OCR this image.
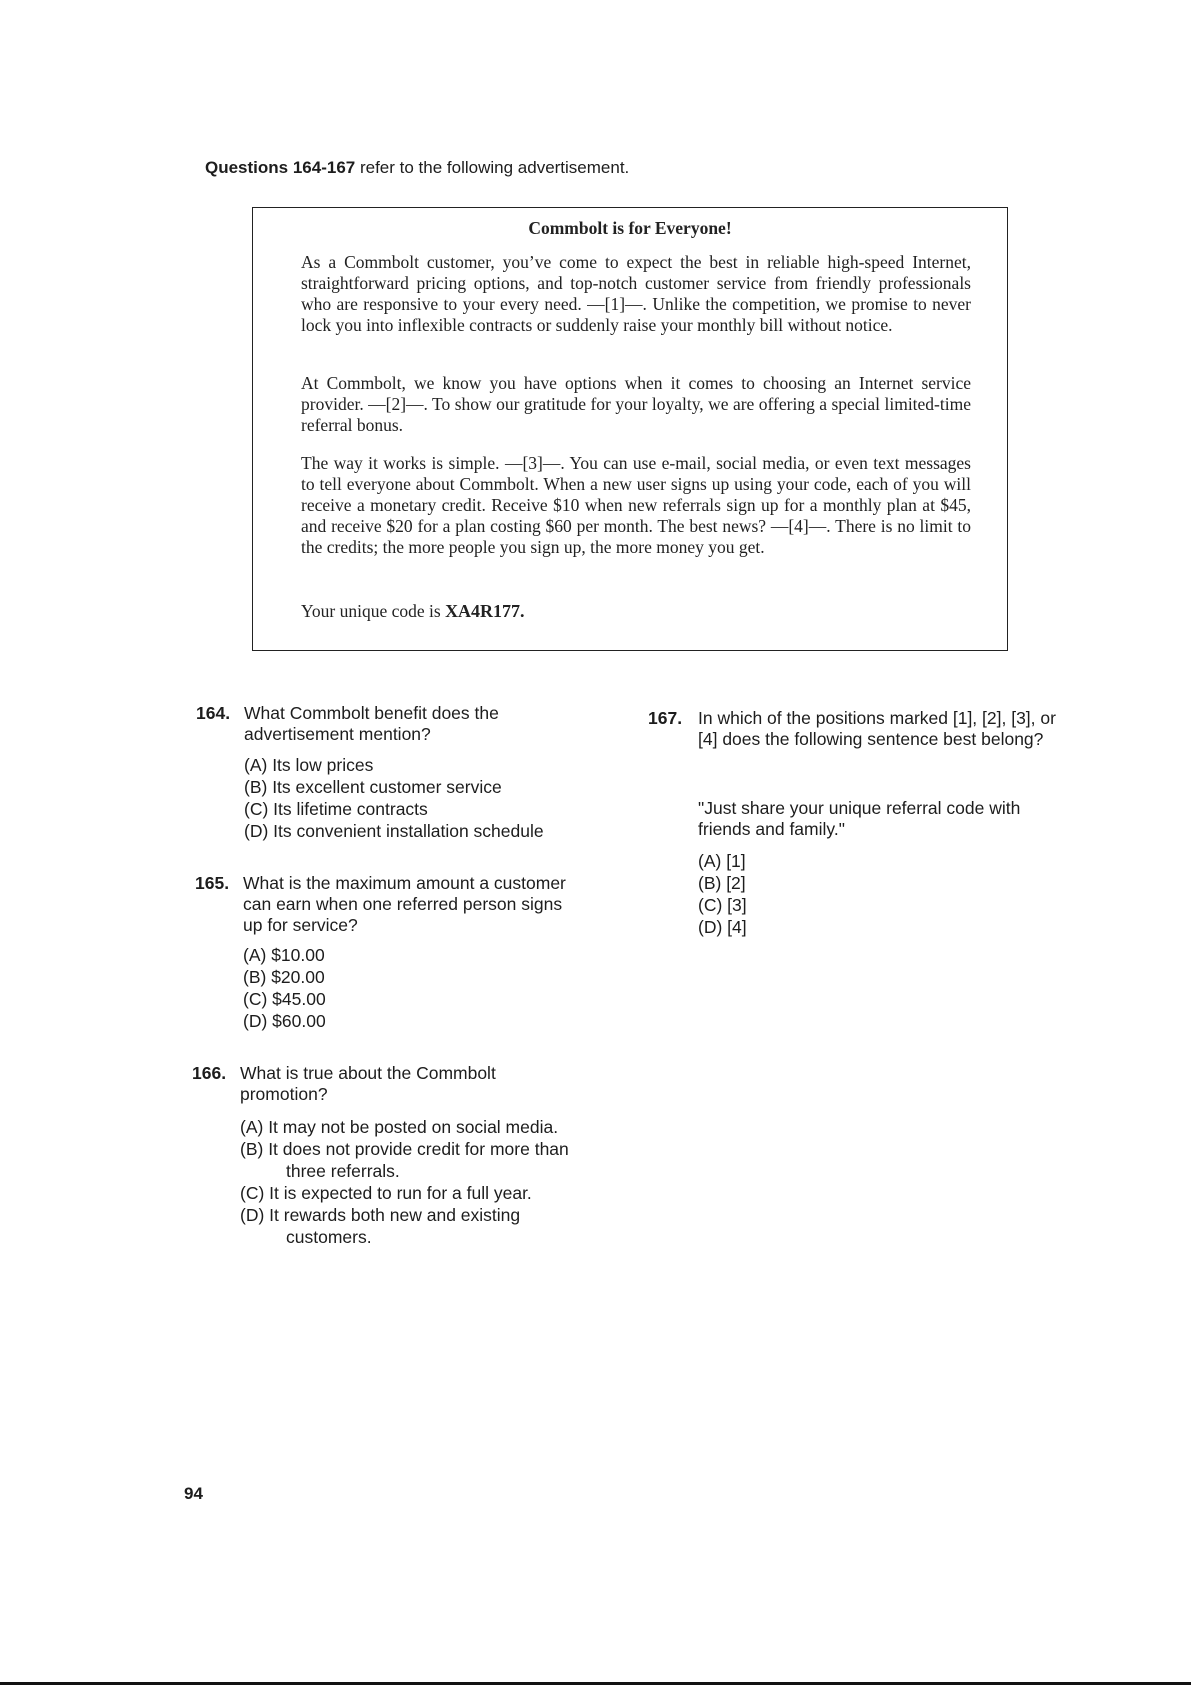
Questions 164-167 refer to the following advertisement.
Commbolt is for Everyone!

As a Commbolt customer, you’ve come to expect the best in reliable high-speed Internet, straightforward pricing options, and top-notch customer service from friendly professionals who are responsive to your every need. —[1]—. Unlike the competition, we promise to never lock you into inflexible contracts or suddenly raise your monthly bill without notice.

At Commbolt, we know you have options when it comes to choosing an Internet service provider. —[2]—. To show our gratitude for your loyalty, we are offering a special limited-time referral bonus.

The way it works is simple. —[3]—. You can use e-mail, social media, or even text messages to tell everyone about Commbolt. When a new user signs up using your code, each of you will receive a monetary credit. Receive $10 when new referrals sign up for a monthly plan at $45, and receive $20 for a plan costing $60 per month. The best news? —[4]—. There is no limit to the credits; the more people you sign up, the more money you get.

Your unique code is XA4R177.

164. What Commbolt benefit does the advertisement mention?
(A) Its low prices
(B) Its excellent customer service
(C) Its lifetime contracts
(D) Its convenient installation schedule
165. What is the maximum amount a customer can earn when one referred person signs up for service?
(A) $10.00
(B) $20.00
(C) $45.00
(D) $60.00
166. What is true about the Commbolt promotion?
(A) It may not be posted on social media.
(B) It does not provide credit for more than
three referrals.
(C) It is expected to run for a full year.
(D) It rewards both new and existing
customers.
167. In which of the positions marked [1], [2], [3], or [4] does the following sentence best belong?
"Just share your unique referral code with friends and family."
(A) [1]
(B) [2]
(C) [3]
(D) [4]
94
